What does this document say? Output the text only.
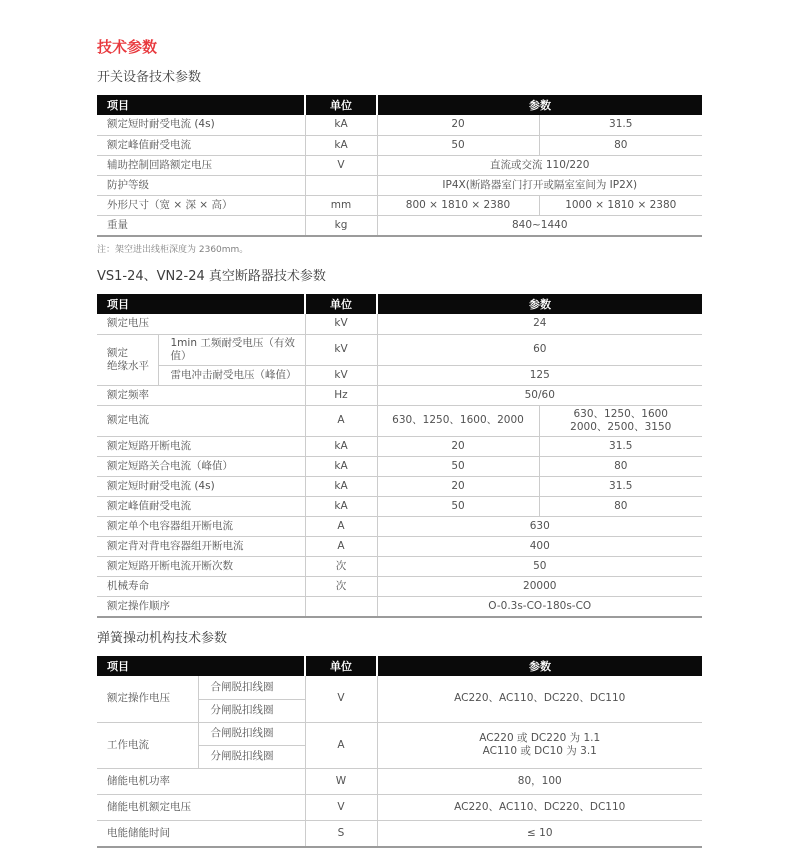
技术参数
开关设备技术参数
项目	单位	参数	
额定短时耐受电流 (4s)	kA	20	31.5
额定峰值耐受电流	kA	50	80
辅助控制回路额定电压	V	直流或交流 110/220	
防护等级		IP4X(断路器室门打开或隔室室间为 IP2X)	
外形尺寸（宽 × 深 × 高）	mm	800 × 1810 × 2380	1000 × 1810 × 2380
重量	kg	840~1440	

注：架空进出线柜深度为 2360mm。

VS1-24、VN2-24 真空断路器技术参数
项目		单位	参数	
额定电压		kV	24	

额定
绝缘水平	1min 工频耐受电压（有效值）	kV	60	
	雷电冲击耐受电压（峰值）	kV	125	
额定频率		Hz	50/60	
额定电流		A	630、1250、1600、2000	630、1250、1600
2000、2500、3150

额定短路开断电流		kA	20	31.5
额定短路关合电流（峰值）		kA	50	80
额定短时耐受电流 (4s)		kA	20	31.5
额定峰值耐受电流		kA	50	80
额定单个电容器组开断电流		A	630	
额定背对背电容器组开断电流		A	400	
额定短路开断电流开断次数		次	50	
机械寿命		次	20000	
额定操作顺序			O-0.3s-CO-180s-CO	
弹簧操动机构技术参数
项目		单位	参数
额定操作电压	合闸脱扣线圈	V	AC220、AC110、DC220、DC110
	分闸脱扣线圈		
工作电流	合闸脱扣线圈	A	AC220 或 DC220 为 1.1
AC110 或 DC10 为 3.1

	分闸脱扣线圈		
储能电机功率		W	80，100
储能电机额定电压		V	AC220、AC110、DC220、DC110
电能储能时间		S	≤ 10
